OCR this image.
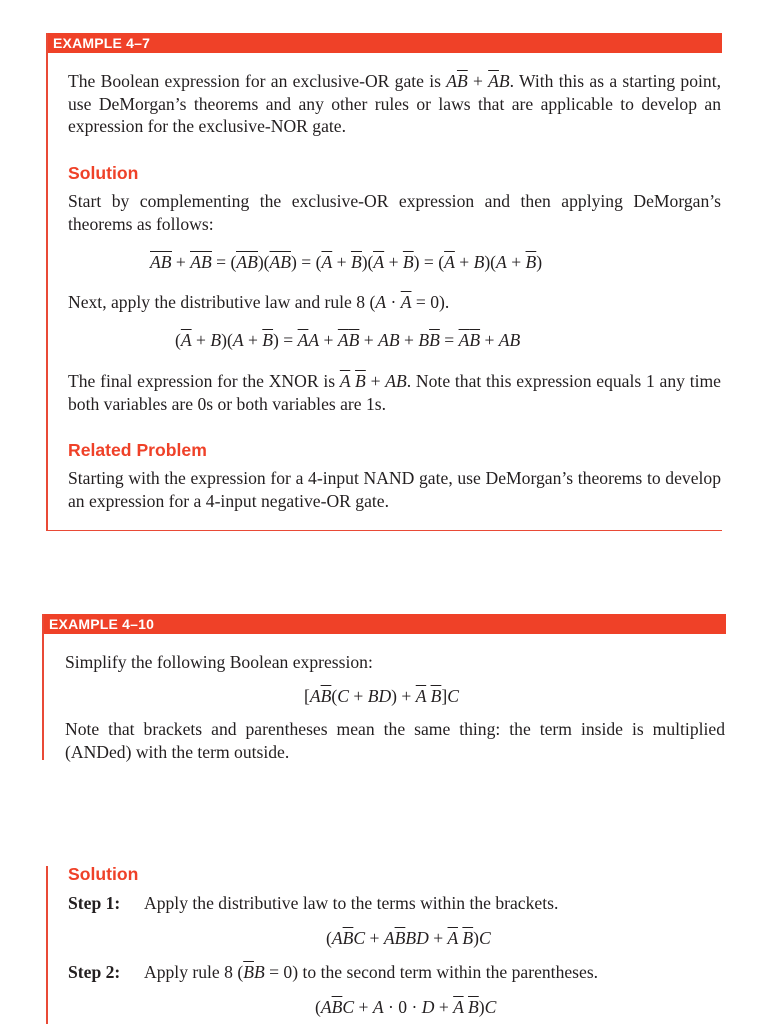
EXAMPLE 4–7
The Boolean expression for an exclusive-OR gate is $A\overline{B} + \overline{A}B$. With this as a starting point, use DeMorgan’s theorems and any other rules or laws that are applicable to develop an expression for the exclusive-NOR gate.
Solution
Start by complementing the exclusive-OR expression and then applying DeMorgan’s theorems as follows:
$A\overline{B} + \overline{A}B = (A\overline{B})(\overline{A}B) = (\overline{A} + \overline{B})(\overline{A} + \overline{B}) = (\overline{A} + B)(A + \overline{B})$
Next, apply the distributive law and rule 8 $(A \cdot \overline{A} = 0)$.
$(\overline{A} + B)(A + \overline{B}) = \overline{A}A + \overline{A}\overline{B}$ + AB + $B\overline{B} = \overline{A}\overline{B}$ + AB
The final expression for the XNOR is $\overline{A}$ $\overline{B}$ + AB. Note that this expression equals 1 any time both variables are 0s or both variables are 1s.
Related Problem
Starting with the expression for a 4-input NAND gate, use DeMorgan’s theorems to develop an expression for a 4-input negative-OR gate.
EXAMPLE 4–10
Simplify the following Boolean expression:
[$A\overline{B}(C + BD) + \overline{A}$ $\overline{B}]C$
Note that brackets and parentheses mean the same thing: the term inside is multiplied (ANDed) with the term outside.
Solution
Step 1: Apply the distributive law to the terms within the brackets.
($A\overline{B}C + A\overline{B}BD + \overline{A}$ $\overline{B})C$
Step 2: Apply rule 8 $(\overline{B}B = 0)$ to the second term within the parentheses.
($A\overline{B}C + A \cdot 0 \cdot D + \overline{A}$ $\overline{B})C$
